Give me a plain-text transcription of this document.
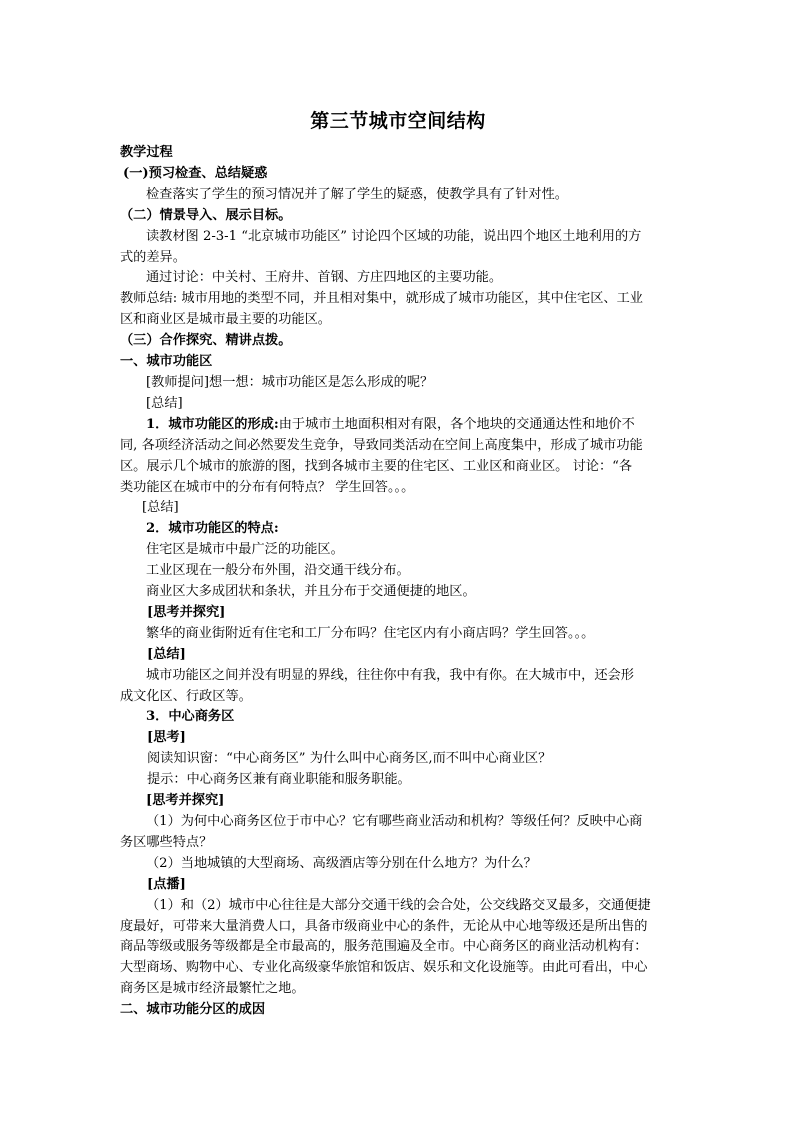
第三节城市空间结构
教学过程
(一)预习检查、总结疑惑
检查落实了学生的预习情况并了解了学生的疑惑，使教学具有了针对性。
（二）情景导入、展示目标。
读教材图 2-3-1 “北京城市功能区” 讨论四个区域的功能，说出四个地区土地利用的方
式的差异。
通过讨论：中关村、王府井、首钢、方庄四地区的主要功能。
教师总结: 城市用地的类型不同，并且相对集中，就形成了城市功能区，其中住宅区、工业
区和商业区是城市最主要的功能区。
（三）合作探究、精讲点拨。
一、城市功能区
[教师提问]想一想：城市功能区是怎么形成的呢？
[总结]
1．城市功能区的形成:由于城市土地面积相对有限，各个地块的交通通达性和地价不
同, 各项经济活动之间必然要发生竞争，导致同类活动在空间上高度集中，形成了城市功能
区。展示几个城市的旅游的图，找到各城市主要的住宅区、工业区和商业区。 讨论：“各
类功能区在城市中的分布有何特点？ 学生回答。。。
[总结]
2．城市功能区的特点:
住宅区是城市中最广泛的功能区。
工业区现在一般分布外围，沿交通干线分布。
商业区大多成团状和条状，并且分布于交通便捷的地区。
[思考并探究]
繁华的商业街附近有住宅和工厂分布吗？住宅区内有小商店吗？学生回答。。。
[总结]
城市功能区之间并没有明显的界线，往往你中有我，我中有你。在大城市中，还会形
成文化区、行政区等。
3．中心商务区
[思考]
阅读知识窗：“中心商务区” 为什么叫中心商务区,而不叫中心商业区？
提示：中心商务区兼有商业职能和服务职能。
[思考并探究]
（1）为何中心商务区位于市中心？它有哪些商业活动和机构？等级任何？反映中心商
务区哪些特点？
（2）当地城镇的大型商场、高级酒店等分别在什么地方？为什么？
[点播]
（1）和（2）城市中心往往是大部分交通干线的会合处，公交线路交叉最多，交通便捷
度最好，可带来大量消费人口，具备市级商业中心的条件，无论从中心地等级还是所出售的
商品等级或服务等级都是全市最高的，服务范围遍及全市。中心商务区的商业活动机构有：
大型商场、购物中心、专业化高级豪华旅馆和饭店、娱乐和文化设施等。由此可看出，中心
商务区是城市经济最繁忙之地。
二、城市功能分区的成因
